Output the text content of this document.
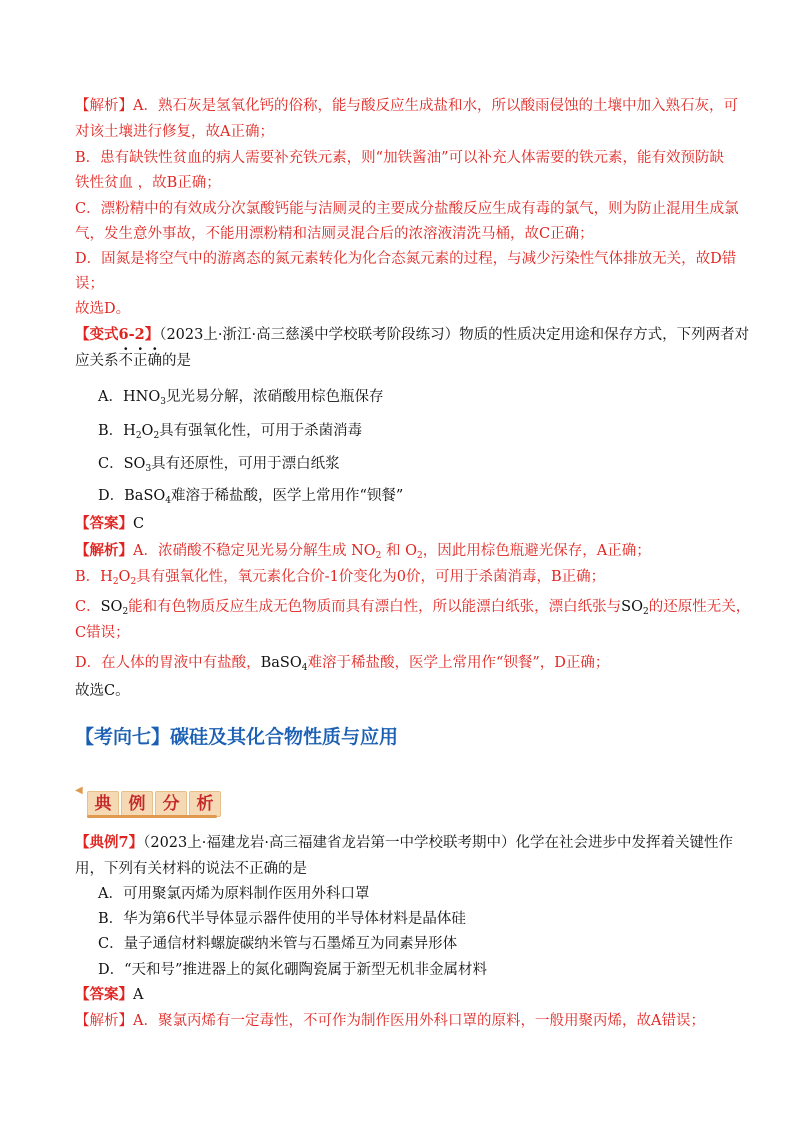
【解析】A．熟石灰是氢氧化钙的俗称，能与酸反应生成盐和水，所以酸雨侵蚀的土壤中加入熟石灰，可
对该土壤进行修复，故A正确；
B．患有缺铁性贫血的病人需要补充铁元素，则“加铁酱油”可以补充人体需要的铁元素，能有效预防缺
铁性贫血 ，故B正确；
C．漂粉精中的有效成分次氯酸钙能与洁厕灵的主要成分盐酸反应生成有毒的氯气，则为防止混用生成氯
气，发生意外事故，不能用漂粉精和洁厕灵混合后的浓溶液清洗马桶，故C正确；
D．固氮是将空气中的游离态的氮元素转化为化合态氮元素的过程，与减少污染性气体排放无关，故D错
误；
故选D。
【变式6-2】（2023上·浙江·高三慈溪中学校联考阶段练习）物质的性质决定用途和保存方式，下列两者对
应关系不正确的是
A．$HNO_3$见光易分解，浓硝酸用棕色瓶保存
B．$H_2O_2$具有强氧化性，可用于杀菌消毒
C．$SO_3$具有还原性，可用于漂白纸浆
D．BaSO$_4$难溶于稀盐酸，医学上常用作“钡餐”
【答案】C
【解析】A．浓硝酸不稳定见光易分解生成 $NO_2$ 和 $O_2$，因此用棕色瓶避光保存，A正确；
B．$H_2O_2$具有强氧化性，氧元素化合价-1价变化为0价，可用于杀菌消毒，B正确；
C．$SO_2$能和有色物质反应生成无色物质而具有漂白性，所以能漂白纸张，漂白纸张与$SO_2$的还原性无关，
C错误；
D．在人体的胃液中有盐酸，BaSO$_4$难溶于稀盐酸，医学上常用作“钡餐”，D正确；
故选C。
【考向七】碳硅及其化合物性质与应用
◀
典	例	分	析
【典例7】（2023上·福建龙岩·高三福建省龙岩第一中学校联考期中）化学在社会进步中发挥着关键性作
用，下列有关材料的说法不正确的是
A．可用聚氯丙烯为原料制作医用外科口罩
B．华为第6代半导体显示器件使用的半导体材料是晶体硅
C．量子通信材料螺旋碳纳米管与石墨烯互为同素异形体
D．“天和号”推进器上的氮化硼陶瓷属于新型无机非金属材料
【答案】A
【解析】A．聚氯丙烯有一定毒性，不可作为制作医用外科口罩的原料，一般用聚丙烯，故A错误；
